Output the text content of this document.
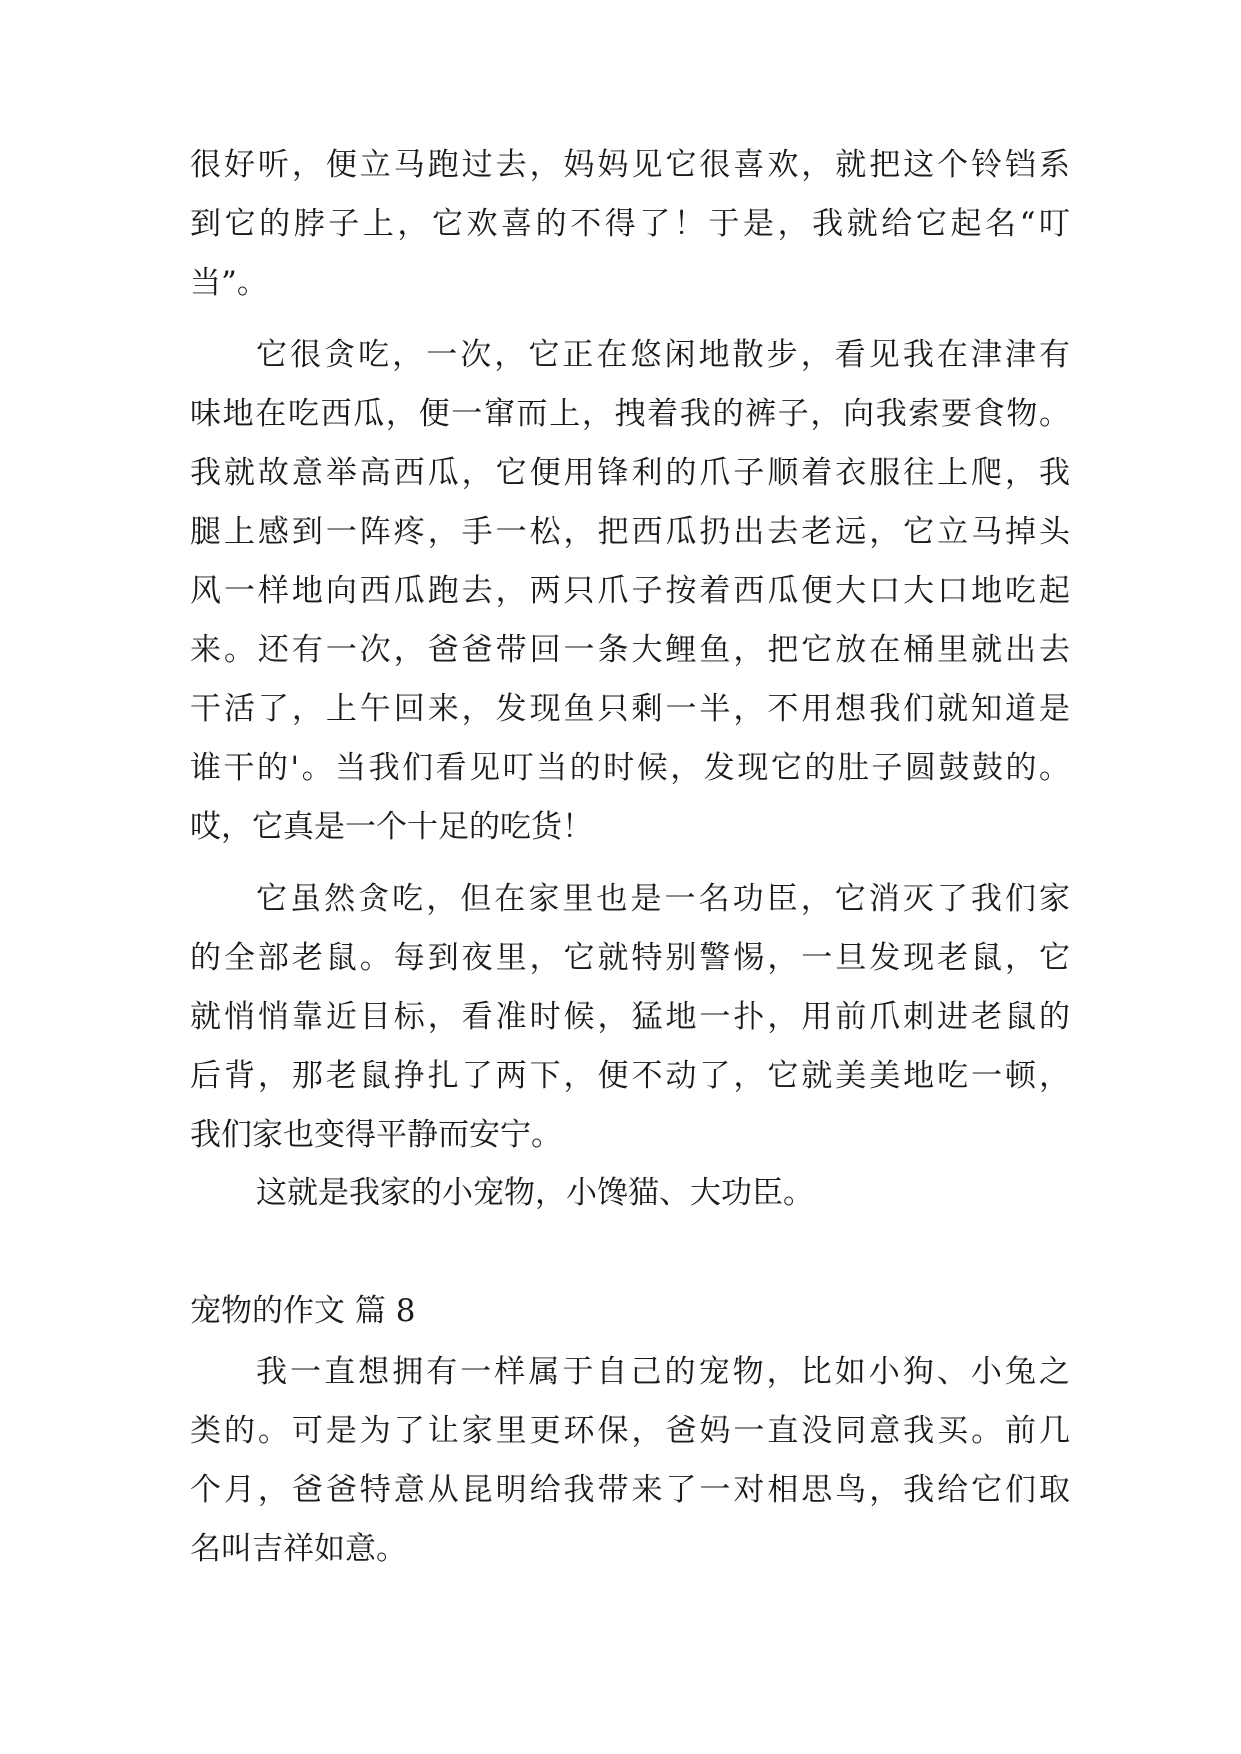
很好听，便立马跑过去，妈妈见它很喜欢，就把这个铃铛系
到它的脖子上，它欢喜的不得了！于是，我就给它起名“叮
当”。
它很贪吃，一次，它正在悠闲地散步，看见我在津津有
味地在吃西瓜，便一窜而上，拽着我的裤子，向我索要食物。
我就故意举高西瓜，它便用锋利的爪子顺着衣服往上爬，我
腿上感到一阵疼，手一松，把西瓜扔出去老远，它立马掉头
风一样地向西瓜跑去，两只爪子按着西瓜便大口大口地吃起
来。还有一次，爸爸带回一条大鲤鱼，把它放在桶里就出去
干活了，上午回来，发现鱼只剩一半，不用想我们就知道是
谁干的'。当我们看见叮当的时候，发现它的肚子圆鼓鼓的。
哎，它真是一个十足的吃货！
它虽然贪吃，但在家里也是一名功臣，它消灭了我们家
的全部老鼠。每到夜里，它就特别警惕，一旦发现老鼠，它
就悄悄靠近目标，看准时候，猛地一扑，用前爪刺进老鼠的
后背，那老鼠挣扎了两下，便不动了，它就美美地吃一顿，
我们家也变得平静而安宁。
这就是我家的小宠物，小馋猫、大功臣。
宠物的作文 篇 8
我一直想拥有一样属于自己的宠物，比如小狗、小兔之
类的。可是为了让家里更环保，爸妈一直没同意我买。前几
个月，爸爸特意从昆明给我带来了一对相思鸟，我给它们取
名叫吉祥如意。
